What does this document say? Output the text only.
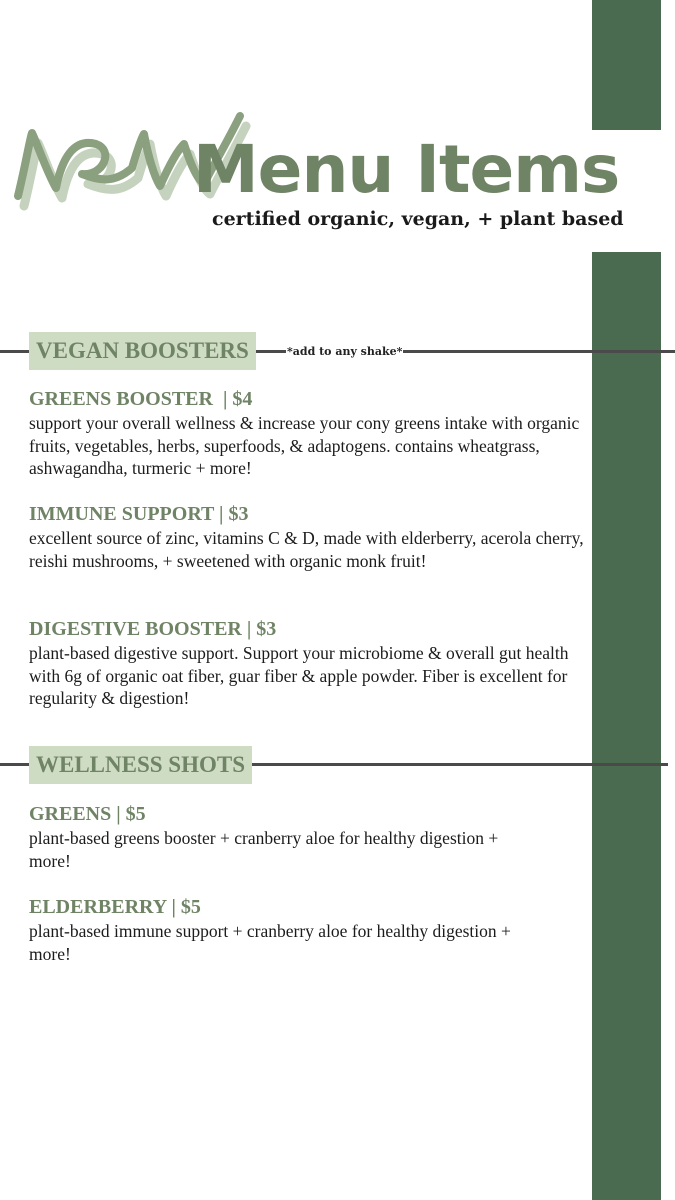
Menu Items
certified organic, vegan, + plant based
VEGAN BOOSTERS	*add to any shake*
GREENS BOOSTER  | $4

support your overall wellness & increase your cony greens intake with organic fruits, vegetables, herbs, superfoods, & adaptogens. contains wheatgrass, ashwagandha, turmeric + more!

IMMUNE SUPPORT | $3

excellent source of zinc, vitamins C & D, made with elderberry, acerola cherry, reishi mushrooms, + sweetened with organic monk fruit!

DIGESTIVE BOOSTER | $3

plant-based digestive support. Support your microbiome & overall gut health with 6g of organic oat fiber, guar fiber & apple powder. Fiber is excellent for regularity & digestion!

WELLNESS SHOTS
GREENS | $5

plant-based greens booster + cranberry aloe for healthy digestion + more!

ELDERBERRY | $5

plant-based immune support + cranberry aloe for healthy digestion + more!
